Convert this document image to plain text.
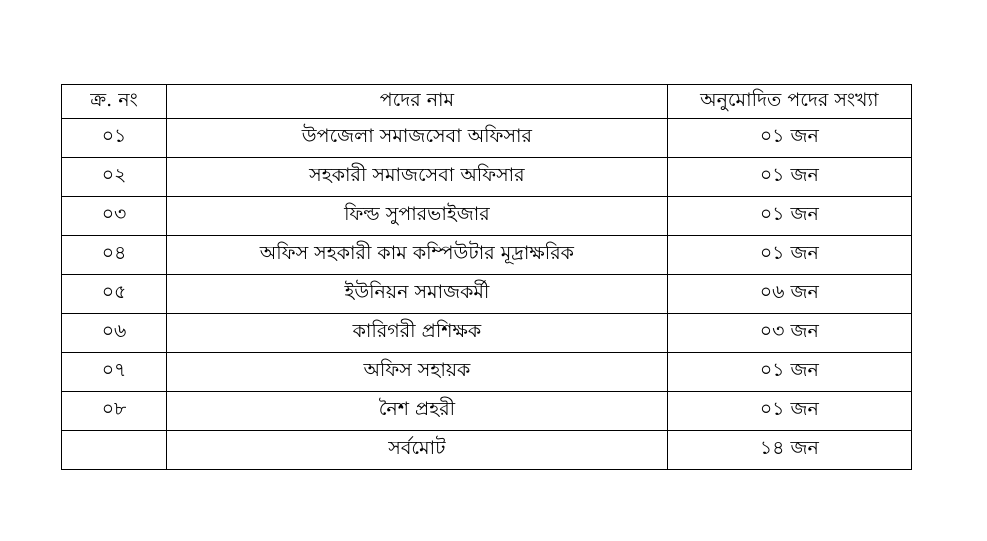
ক্র. নং	পদের নাম	অনুমোদিত পদের সংখ্যা
০১	উপজেলা সমাজসেবা অফিসার	০১ জন
০২	সহকারী সমাজসেবা অফিসার	০১ জন
০৩	ফিল্ড সুপারভাইজার	০১ জন
০৪	অফিস সহকারী কাম কম্পিউটার মূদ্রাক্ষরিক	০১ জন
০৫	ইউনিয়ন সমাজকর্মী	০৬ জন
০৬	কারিগরী প্রশিক্ষক	০৩ জন
০৭	অফিস সহায়ক	০১ জন
০৮	নৈশ প্রহরী	০১ জন
	সর্বমোট	১৪ জন
